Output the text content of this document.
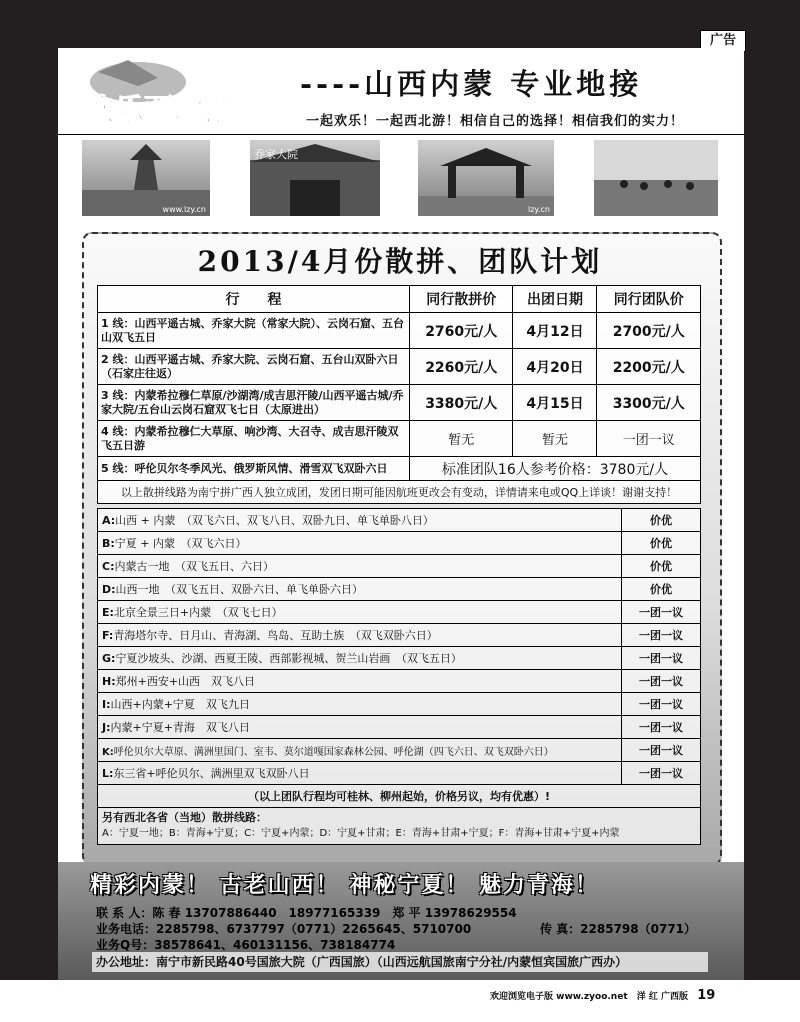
广告
欣乐西北游
----山西内蒙 专业地接
一起欢乐！一起西北游！相信自己的选择！相信我们的实力！
www.lzy.cn
乔家大院
lzy.cn
2013/4月份散拼、团队计划
行　　程	同行散拼价	出团日期	同行团队价
1 线：山西平遥古城、乔家大院（常家大院）、云岗石窟、五台山双飞五日	2760元/人	4月12日	2700元/人
2 线：山西平遥古城、乔家大院、云岗石窟、五台山双卧六日（石家庄往返）	2260元/人	4月20日	2200元/人
3 线：内蒙希拉穆仁草原/沙湖湾/成吉思汗陵/山西平遥古城/乔家大院/五台山云岗石窟双飞七日（太原进出）	3380元/人	4月15日	3300元/人
4 线：内蒙希拉穆仁大草原、响沙湾、大召寺、成吉思汗陵双飞五日游	暂无	暂无	一团一议
5 线：呼伦贝尔冬季风光、俄罗斯风情、滑雪双飞双卧六日	标准团队16人参考价格：3780元/人		
以上散拼线路为南宁拼广西人独立成团，发团日期可能因航班更改会有变动，详情请来电或QQ上详谈！谢谢支持！			
A:山西 + 内蒙　（双飞六日、双飞八日、双卧九日、单飞单卧八日）	价优
B:宁夏 + 内蒙　（双飞六日）	价优
C:内蒙古一地　（双飞五日、六日）	价优
D:山西一地　（双飞五日、双卧六日、单飞单卧六日）	价优
E:北京全景三日+内蒙　（双飞七日）	一团一议
F:青海塔尔寺、日月山、青海湖、鸟岛、互助土族　（双飞双卧六日）	一团一议
G:宁夏沙坡头、沙湖、西夏王陵、西部影视城、贺兰山岩画　（双飞五日）	一团一议
H:郑州+西安+山西　双飞八日	一团一议
I:山西+内蒙+宁夏　双飞九日	一团一议
J:内蒙+宁夏+青海　双飞八日	一团一议
K:呼伦贝尔大草原、满洲里国门、室韦、莫尔道嘎国家森林公园、呼伦湖（四飞六日、双飞双卧六日）	一团一议
L:东三省+呼伦贝尔、满洲里双飞双卧八日	一团一议
（以上团队行程均可桂林、柳州起始，价格另议，均有优惠）!	

另有西北各省（当地）散拼线路：
A：宁夏一地；B：青海+宁夏；C：宁夏+内蒙；D：宁夏+甘肃；E：青海+甘肃+宁夏；F：青海+甘肃+宁夏+内蒙	
精彩内蒙！ 古老山西！ 神秘宁夏！ 魅力青海！
联 系 人：陈 春 13707886440　18977165339　郑 平 13978629554
业务电话：2285798、6737797（0771）2265645、5710700	传 真：2285798（0771）
业务Q号：38578641、460131156、738184774
办公地址：南宁市新民路40号国旅大院（广西国旅）（山西远航国旅南宁分社/内蒙恒宾国旅广西办）
欢迎浏览电子版 www.zyoo.net 洋 红 广西版 19
